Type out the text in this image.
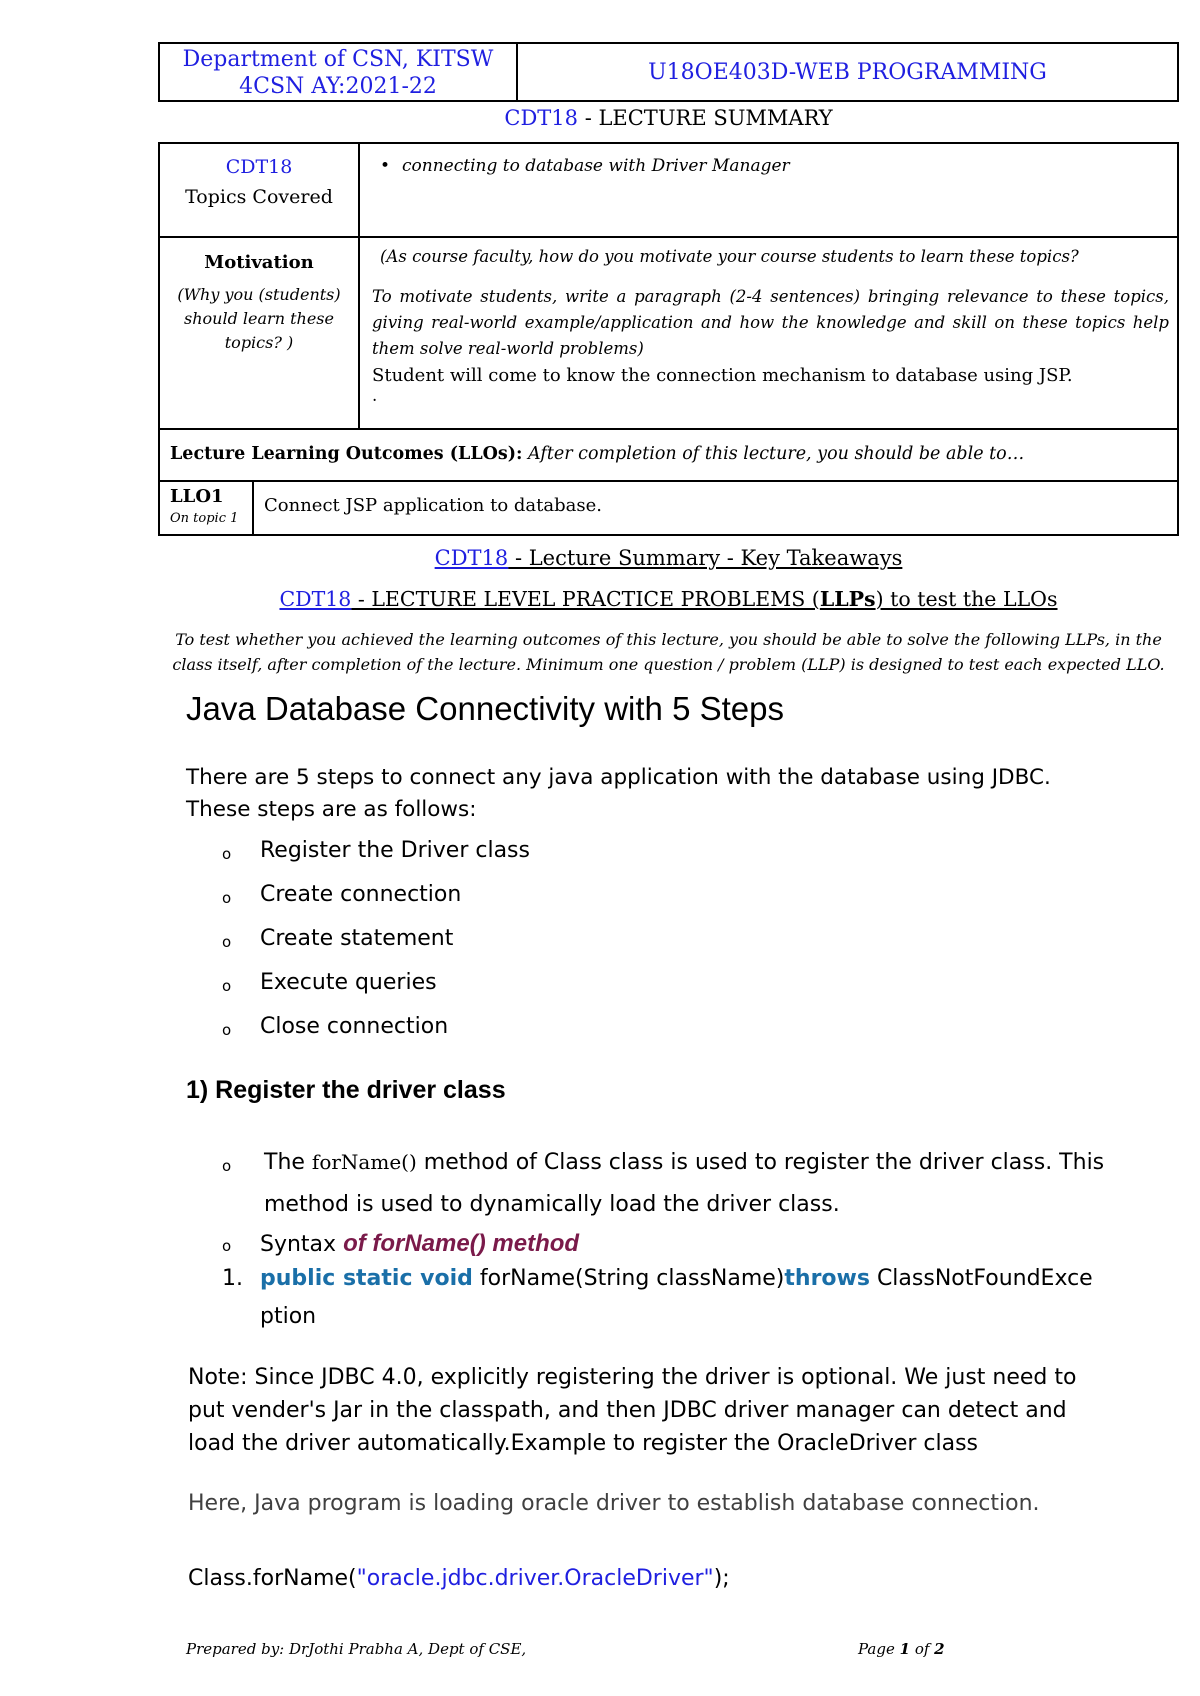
Department of CSN, KITSW
4CSN AY:2021-22
U18OE403D-WEB PROGRAMMING
CDT18 - LECTURE SUMMARY
CDT18
Topics Covered
• connecting to database with Driver Manager
Motivation
(Why you (students) should learn these topics? )
(As course faculty, how do you motivate your course students to learn these topics?
To motivate students, write a paragraph (2-4 sentences) bringing relevance to these topics, giving real-world example/application and how the knowledge and skill on these topics help them solve real-world problems)
Student will come to know the connection mechanism to database using JSP.
.
Lecture Learning Outcomes (LLOs): After completion of this lecture, you should be able to…
LLO1
On topic 1
Connect JSP application to database.
CDT18 - Lecture Summary - Key Takeaways
CDT18 - LECTURE LEVEL PRACTICE PROBLEMS (LLPs) to test the LLOs
To test whether you achieved the learning outcomes of this lecture, you should be able to solve the following LLPs, in the class itself, after completion of the lecture. Minimum one question / problem (LLP) is designed to test each expected LLO.
Java Database Connectivity with 5 Steps
There are 5 steps to connect any java application with the database using JDBC.
These steps are as follows:
o Register the Driver class
o Create connection
o Create statement
o Execute queries
o Close connection
1) Register the driver class
o The forName() method of Class class is used to register the driver class. This
method is used to dynamically load the driver class.
o Syntax of forName() method
1. public static void forName(String className)throws ClassNotFoundExce
ption
Note: Since JDBC 4.0, explicitly registering the driver is optional. We just need to
put vender's Jar in the classpath, and then JDBC driver manager can detect and
load the driver automatically.Example to register the OracleDriver class
Here, Java program is loading oracle driver to establish database connection.
Class.forName("oracle.jdbc.driver.OracleDriver");
Prepared by: DrJothi Prabha A, Dept of CSE,	Page 1 of 2
